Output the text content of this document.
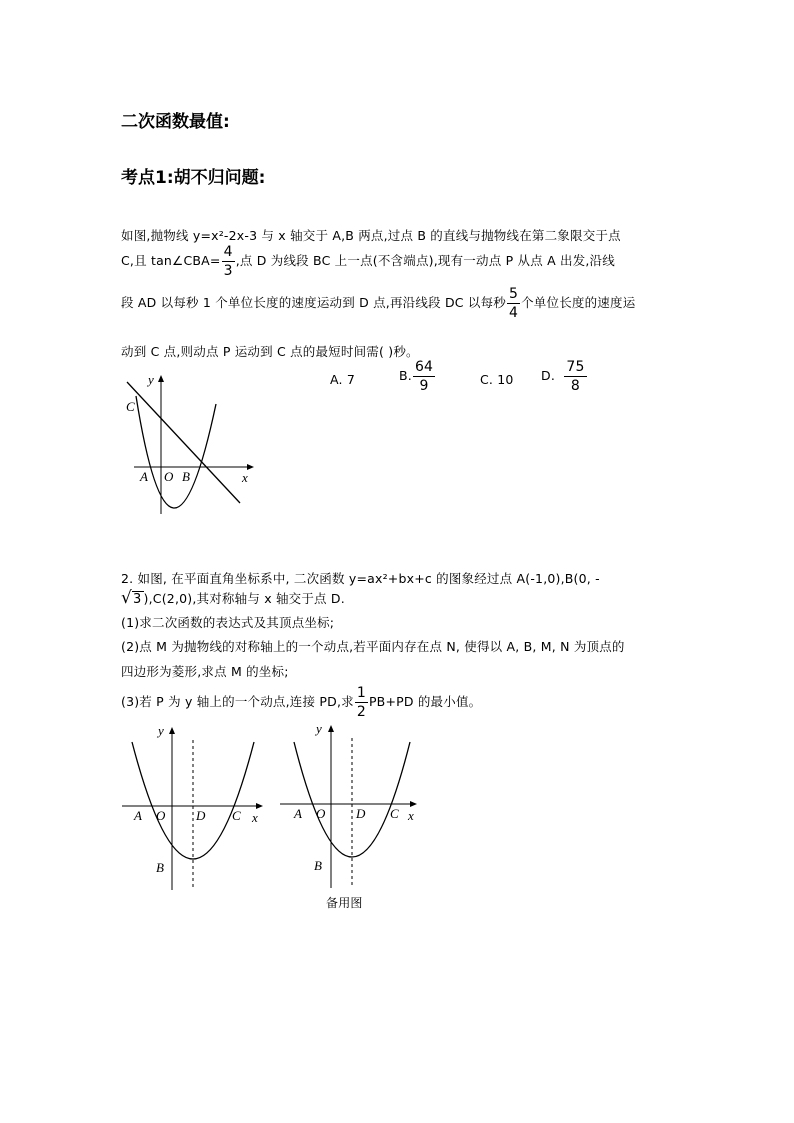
二次函数最值:
考点1:胡不归问题:
如图,抛物线 y=x²-2x-3 与 x 轴交于 A,B 两点,过点 B 的直线与抛物线在第二象限交于点
C,且 tan∠CBA= $\frac{4}{3}$ ,点 D 为线段 BC 上一点(不含端点),现有一动点 P 从点 A 出发,沿线
段 AD 以每秒 1 个单位长度的速度运动到 D 点,再沿线段 DC 以每秒 $\frac{5}{4}$ 个单位长度的速度运
动到 C 点,则动点 P 运动到 C 点的最短时间需( )秒。
A. 7	B. $\frac{64}{9}$	C. 10 D. $\frac{75}{8}$
y
x
C
A O B
2. 如图, 在平面直角坐标系中, 二次函数 y=ax²+bx+c 的图象经过点 A(-1,0),B(0, -
√3 ),C(2,0),其对称轴与 x 轴交于点 D.
(1)求二次函数的表达式及其顶点坐标;
(2)点 M 为抛物线的对称轴上的一个动点,若平面内存在点 N, 使得以 A, B, M, N 为顶点的
四边形为菱形,求点 M 的坐标;
(3)若 P 为 y 轴上的一个动点,连接 PD,求 $\frac{1}{2} PB+PD$ 的最小值。
y
x
A O D C
B
y
x
A O D C
B
备用图
